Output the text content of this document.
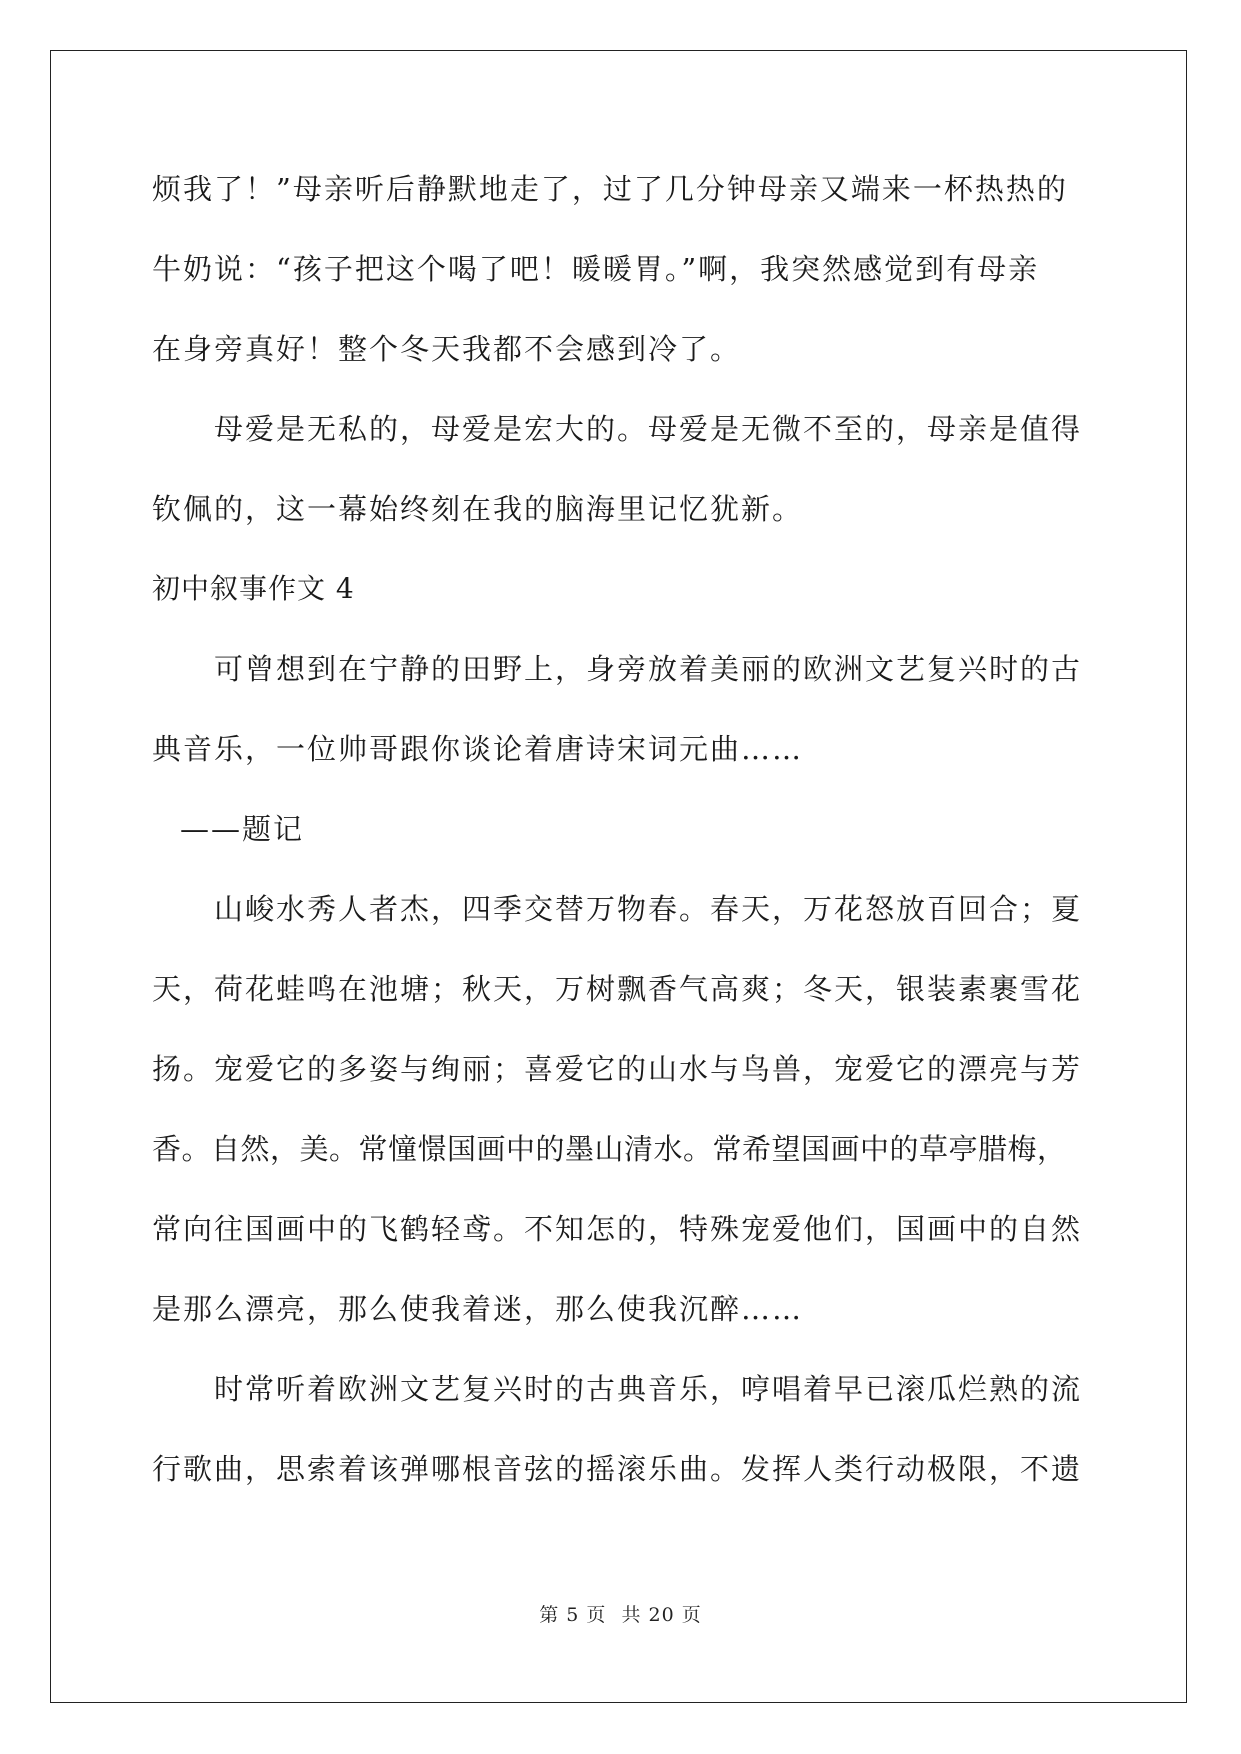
烦我了！”母亲听后静默地走了，过了几分钟母亲又端来一杯热热的
牛奶说：“孩子把这个喝了吧！暖暖胃。”啊，我突然感觉到有母亲
在身旁真好！整个冬天我都不会感到冷了。
母爱是无私的，母爱是宏大的。母爱是无微不至的，母亲是值得
钦佩的，这一幕始终刻在我的脑海里记忆犹新。
初中叙事作文 4
可曾想到在宁静的田野上，身旁放着美丽的欧洲文艺复兴时的古
典音乐，一位帅哥跟你谈论着唐诗宋词元曲……
——题记
山峻水秀人者杰，四季交替万物春。春天，万花怒放百回合；夏
天，荷花蛙鸣在池塘；秋天，万树飘香气高爽；冬天，银装素裹雪花
扬。宠爱它的多姿与绚丽；喜爱它的山水与鸟兽，宠爱它的漂亮与芳
香。自然，美。常憧憬国画中的墨山清水。常希望国画中的草亭腊梅，
常向往国画中的飞鹤轻鸢。不知怎的，特殊宠爱他们，国画中的自然
是那么漂亮，那么使我着迷，那么使我沉醉……
时常听着欧洲文艺复兴时的古典音乐，哼唱着早已滚瓜烂熟的流
行歌曲，思索着该弹哪根音弦的摇滚乐曲。发挥人类行动极限，不遗
第 5 页 共 20 页
